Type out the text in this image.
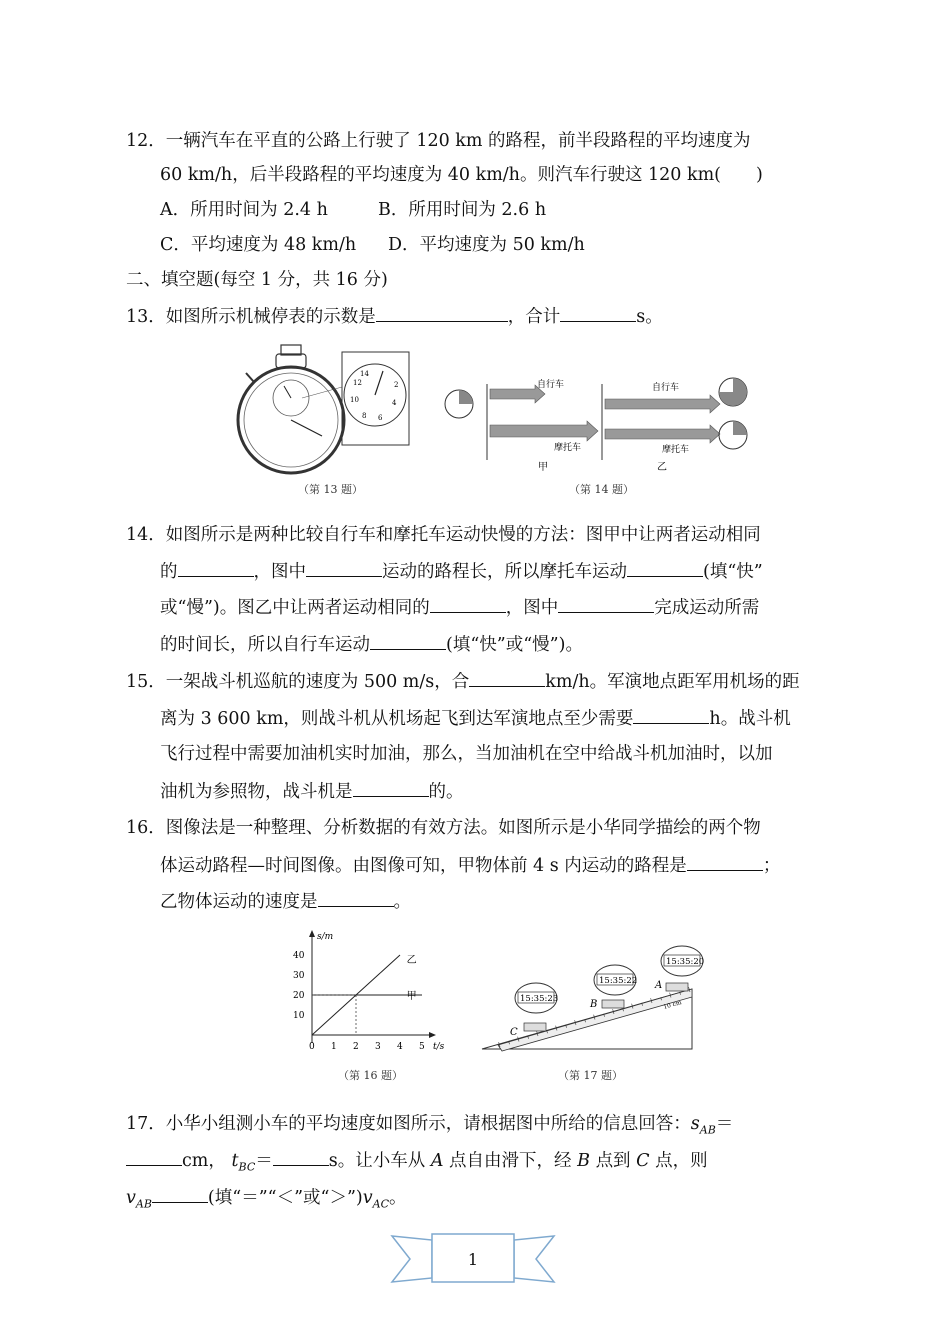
12．一辆汽车在平直的公路上行驶了 120 km 的路程，前半段路程的平均速度为
60 km/h，后半段路程的平均速度为 40 km/h。则汽车行驶这 120 km(　　)
A．所用时间为 2.4 h	B．所用时间为 2.6 h
C．平均速度为 48 km/h D．平均速度为 50 km/h
二、填空题(每空 1 分，共 16 分)
13．如图所示机械停表的示数是	，合计	s。
14
12
10
8 6
4
2
（第 13 题）
自行车
摩托车
甲
自行车
摩托车
乙
（第 14 题）
14．如图所示是两种比较自行车和摩托车运动快慢的方法：图甲中让两者运动相同
的	，图中	运动的路程长，所以摩托车运动	(填“快”
或“慢”)。图乙中让两者运动相同的	，图中	完成运动所需
的时间长，所以自行车运动	(填“快”或“慢”)。
15．一架战斗机巡航的速度为 500 m/s，合	km/h。军演地点距军用机场的距
离为 3 600 km，则战斗机从机场起飞到达军演地点至少需要	h。战斗机
飞行过程中需要加油机实时加油，那么，当加油机在空中给战斗机加油时，以加
油机为参照物，战斗机是	的。
16．图像法是一种整理、分析数据的有效方法。如图所示是小华同学描绘的两个物
体运动路程—时间图像。由图像可知，甲物体前 4 s 内运动的路程是	；
乙物体运动的速度是	。
s/m
t/s
0 1 2 3 4 5
40
30
20
10
甲
乙
（第 16 题）
10 cm
15:35:20
A
15:35:22
B
15:35:23
C
（第 17 题）
17．小华小组测小车的平均速度如图所示，请根据图中所给的信息回答：$s_{AB}=$
cm， $t_{BC}=$	s。让小车从 A 点自由滑下，经 B 点到 C 点，则
$v_{AB}$	(填“＝”“＜”或“$>”)v_{AC}$。
1
